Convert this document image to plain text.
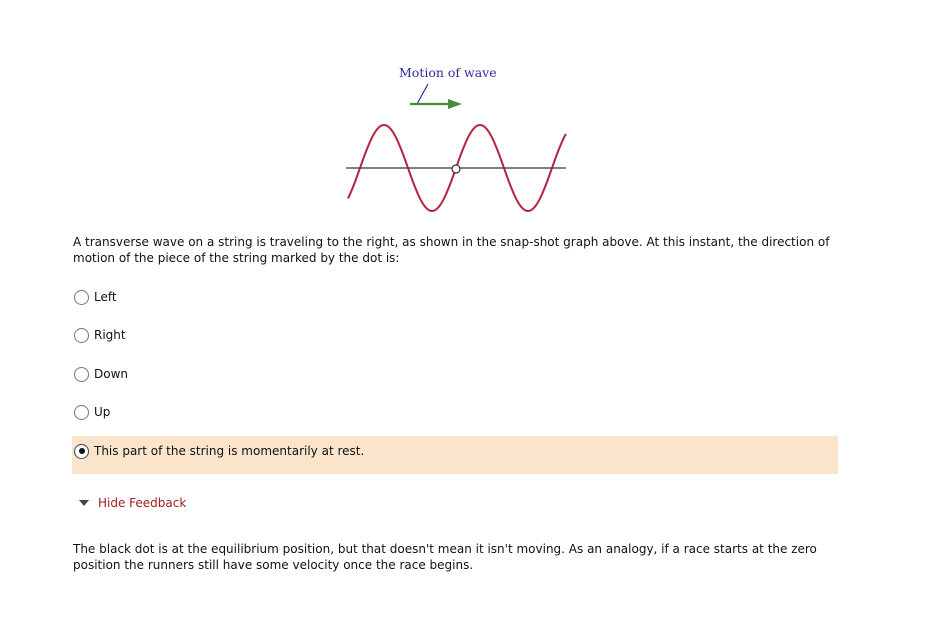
Motion of wave
A transverse wave on a string is traveling to the right, as shown in the snap-shot graph above. At this instant, the direction of motion of the piece of the string marked by the dot is:
Left
Right
Down
Up
This part of the string is momentarily at rest.
Hide Feedback
The black dot is at the equilibrium position, but that doesn't mean it isn't moving. As an analogy, if a race starts at the zero position the runners still have some velocity once the race begins.
